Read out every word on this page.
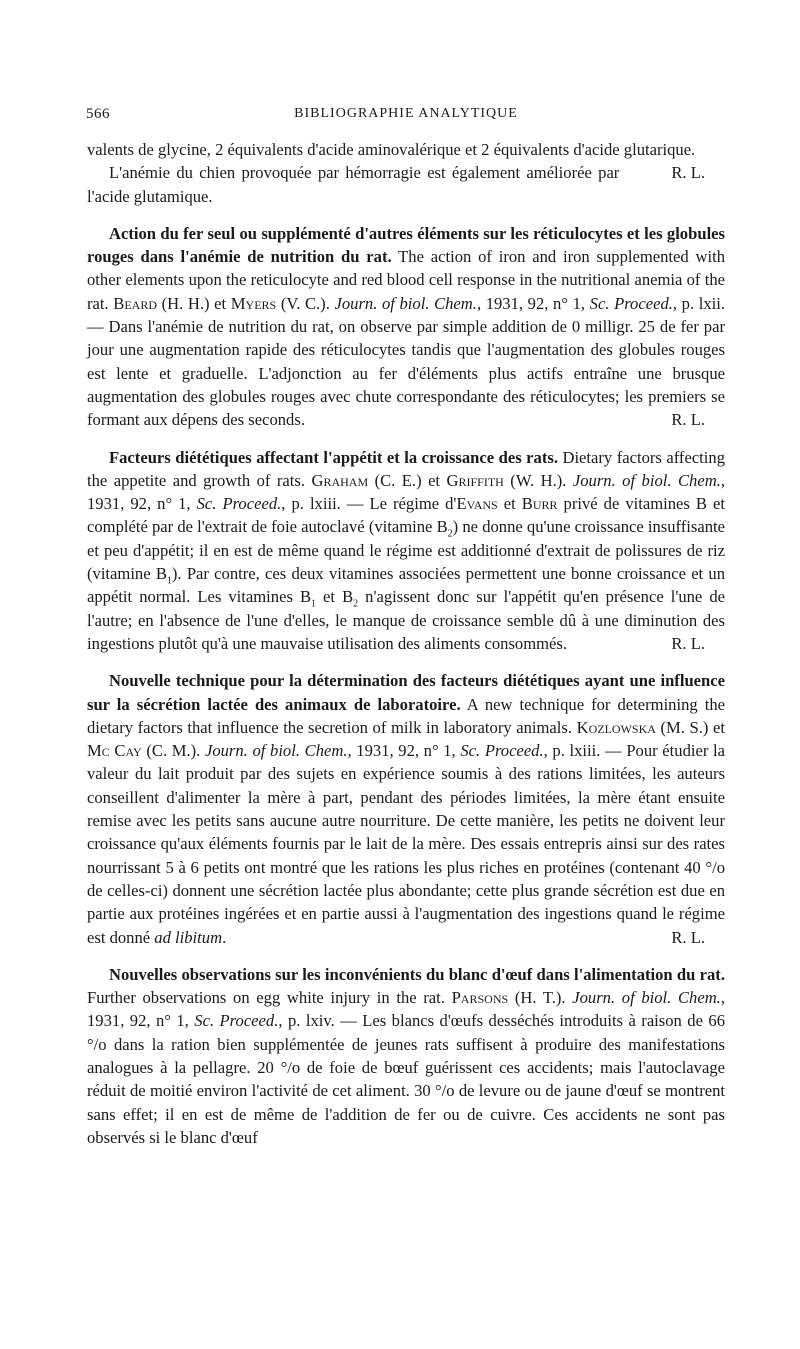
566	BIBLIOGRAPHIE ANALYTIQUE

valents de glycine, 2 équivalents d'acide aminovalérique et 2 équivalents d'acide glutarique.

R. L.
L'anémie du chien provoquée par hémorragie est également améliorée par l'acide glutamique.

Action du fer seul ou supplémenté d'autres éléments sur les réticulocytes et les globules rouges dans l'anémie de nutrition du rat. The action of iron and iron supplemented with other elements upon the reticulocyte and red blood cell response in the nutritional anemia of the rat. Beard (H. H.) et Myers (V. C.). Journ. of biol. Chem., 1931, 92, n° 1, Sc. Proceed., p. lxii. — Dans l'anémie de nutrition du rat, on observe par simple addition de 0 milligr. 25 de fer par jour une augmentation rapide des réticulocytes tandis que l'augmentation des globules rouges est lente et graduelle. L'adjonction au fer d'éléments plus actifs entraîne une brusque augmentation des globules rouges avec chute correspondante des réticulocytes; les premiers se formant aux dépens des seconds.	R. L.

Facteurs diététiques affectant l'appétit et la croissance des rats. Dietary factors affecting the appetite and growth of rats. Graham (C. E.) et Griffith (W. H.). Journ. of biol. Chem., 1931, 92, n° 1, Sc. Proceed., p. lxiii. — Le régime d'Evans et Burr privé de vitamines B et complété par de l'extrait de foie autoclavé (vitamine $B_2$) ne donne qu'une croissance insuffisante et peu d'appétit; il en est de même quand le régime est additionné d'extrait de polissures de riz (vitamine $B_1$). Par contre, ces deux vitamines associées permettent une bonne croissance et un appétit normal. Les vitamines $B_1$ et $B_2$ n'agissent donc sur l'appétit qu'en présence l'une de l'autre; en l'absence de l'une d'elles, le manque de croissance semble dû à une diminution des ingestions plutôt qu'à une mauvaise utilisation des aliments consommés.	R. L.

Nouvelle technique pour la détermination des facteurs diététiques ayant une influence sur la sécrétion lactée des animaux de laboratoire. A new technique for determining the dietary factors that influence the secretion of milk in laboratory animals. Kozlowska (M. S.) et Mc Cay (C. M.). Journ. of biol. Chem., 1931, 92, n° 1, Sc. Proceed., p. lxiii. — Pour étudier la valeur du lait produit par des sujets en expérience soumis à des rations limitées, les auteurs conseillent d'alimenter la mère à part, pendant des périodes limitées, la mère étant ensuite remise avec les petits sans aucune autre nourriture. De cette manière, les petits ne doivent leur croissance qu'aux éléments fournis par le lait de la mère. Des essais entrepris ainsi sur des rates nourrissant 5 à 6 petits ont montré que les rations les plus riches en protéines (contenant 40 °/o de celles-ci) donnent une sécrétion lactée plus abondante; cette plus grande sécrétion est due en partie aux protéines ingérées et en partie aussi à l'augmentation des ingestions quand le régime est donné ad libitum.	R. L.

Nouvelles observations sur les inconvénients du blanc d'œuf dans l'alimentation du rat. Further observations on egg white injury in the rat. Parsons (H. T.). Journ. of biol. Chem., 1931, 92, n° 1, Sc. Proceed., p. lxiv. — Les blancs d'œufs desséchés introduits à raison de 66 °/o dans la ration bien supplémentée de jeunes rats suffisent à produire des manifestations analogues à la pellagre. 20 °/o de foie de bœuf guérissent ces accidents; mais l'autoclavage réduit de moitié environ l'activité de cet aliment. 30 °/o de levure ou de jaune d'œuf se montrent sans effet; il en est de même de l'addition de fer ou de cuivre. Ces accidents ne sont pas observés si le blanc d'œuf
